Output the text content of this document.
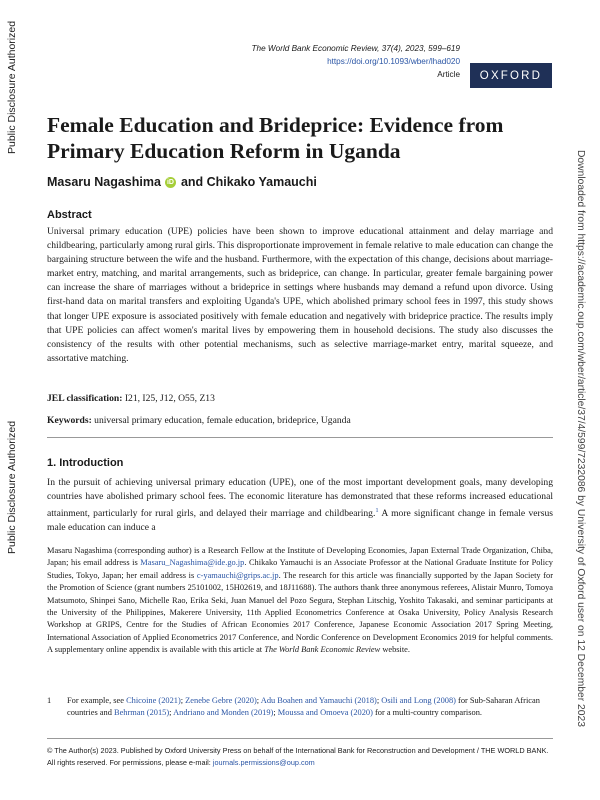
Public Disclosure Authorized
Public Disclosure Authorized	Downloaded from https://academic.oup.com/wber/article/37/4/599/7232086 by University of Oxford user on 12 December 2023
The World Bank Economic Review, 37(4), 2023, 599–619
https://doi.org/10.1093/wber/lhad020
Article	OXFORD
Female Education and Brideprice: Evidence from Primary Education Reform in Uganda
Masaru Nagashima iD and Chikako Yamauchi
Abstract
Universal primary education (UPE) policies have been shown to improve educational attainment and delay marriage and childbearing, particularly among rural girls. This disproportionate improvement in female relative to male education can change the bargaining structure between the wife and the husband. Furthermore, with the expectation of this change, decisions about marriage-market entry, matching, and marital arrangements, such as brideprice, can change. In particular, greater female bargaining power can increase the share of marriages without a brideprice in settings where husbands may demand a refund upon divorce. Using first-hand data on marital transfers and exploiting Uganda's UPE, which abolished primary school fees in 1997, this study shows that longer UPE exposure is associated positively with female education and negatively with brideprice practice. The results imply that UPE policies can affect women's marital lives by empowering them in household decisions. The study also discusses the consistency of the results with other potential mechanisms, such as selective marriage-market entry, marital squeeze, and assortative matching.
JEL classification: I21, I25, J12, O55, Z13
Keywords: universal primary education, female education, brideprice, Uganda
1. Introduction
In the pursuit of achieving universal primary education (UPE), one of the most important development goals, many developing countries have abolished primary school fees. The economic literature has demonstrated that these reforms increased educational attainment, particularly for rural girls, and delayed their marriage and childbearing.$^1$ A more significant change in female versus male education can induce a
Masaru Nagashima (corresponding author) is a Research Fellow at the Institute of Developing Economies, Japan External Trade Organization, Chiba, Japan; his email address is Masaru_Nagashima@ide.go.jp. Chikako Yamauchi is an Associate Professor at the National Graduate Institute for Policy Studies, Tokyo, Japan; her email address is c-yamauchi@grips.ac.jp. The research for this article was financially supported by the Japan Society for the Promotion of Science (grant numbers 25101002, 15H02619, and 18J11688). The authors thank three anonymous referees, Alistair Munro, Tomoya Matsumoto, Shinpei Sano, Michelle Rao, Erika Seki, Juan Manuel del Pozo Segura, Stephan Litschig, Yoshito Takasaki, and seminar participants at the University of the Philippines, Makerere University, 11th Applied Econometrics Conference at Osaka University, Policy Analysis Research Workshop at GRIPS, Centre for the Studies of African Economies 2017 Conference, Japanese Economic Association 2017 Spring Meeting, International Association of Applied Econometrics 2017 Conference, and Nordic Conference on Development Economics 2019 for helpful comments. A supplementary online appendix is available with this article at The World Bank Economic Review website.
1	For example, see Chicoine (2021); Zenebe Gebre (2020); Adu Boahen and Yamauchi (2018); Osili and Long (2008) for Sub-Saharan African countries and Behrman (2015); Andriano and Monden (2019); Moussa and Omoeva (2020) for a multi-country comparison.
© The Author(s) 2023. Published by Oxford University Press on behalf of the International Bank for Reconstruction and Development / THE WORLD BANK.
All rights reserved. For permissions, please e-mail: journals.permissions@oup.com
